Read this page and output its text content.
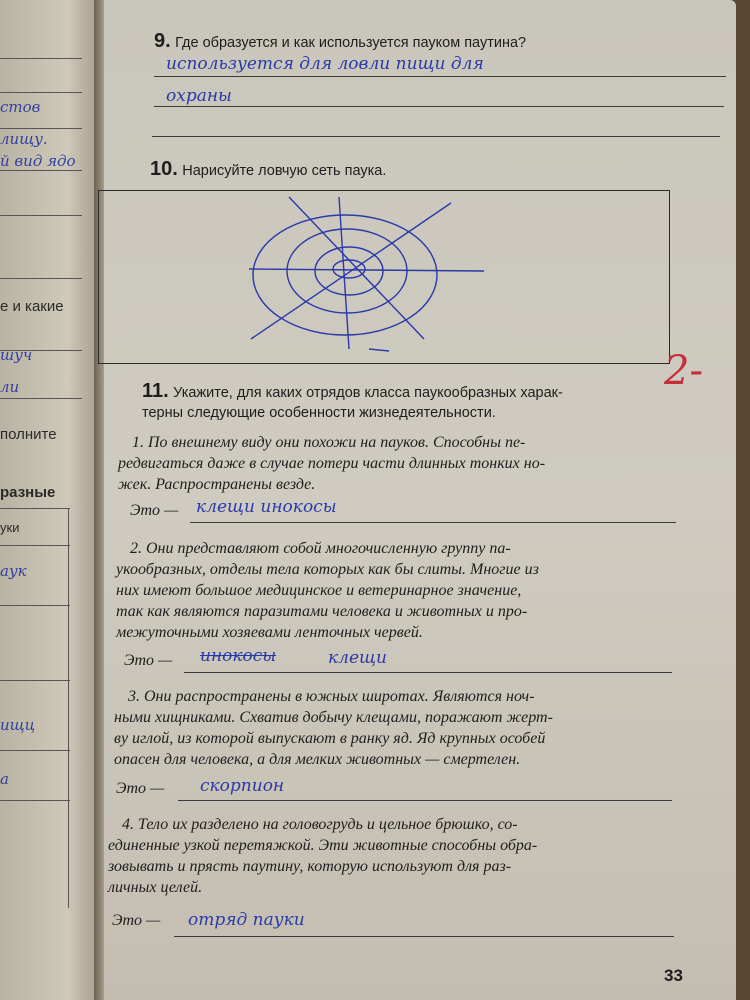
стов
лищу.
й вид ядо
е и какие
шуч
ли
полните
разные
уки
аук
ищц
а
9. Где образуется и как используется пауком паутина?
используется для ловли пищи для
охраны
10. Нарисуйте ловчую сеть паука.
11. Укажите, для каких отрядов класса паукообразных харак-
терны следующие особенности жизнедеятельности.
2-
1. По внешнему виду они похожи на пауков. Способны пе-
редвигаться даже в случае потери части длинных тонких но-
жек. Распространены везде.
Это — клещи инокосы
2. Они представляют собой многочисленную группу па-
укообразных, отделы тела которых как бы слиты. Многие из
них имеют большое медицинское и ветеринарное значение,
так как являются паразитами человека и животных и про-
межуточными хозяевами ленточных червей.
Это — инокосы	клещи
3. Они распространены в южных широтах. Являются ноч-
ными хищниками. Схватив добычу клещами, поражают жерт-
ву иглой, из которой выпускают в ранку яд. Яд крупных особей
опасен для человека, а для мелких животных — смертелен.
Это — скорпион
4. Тело их разделено на головогрудь и цельное брюшко, со-
единенные узкой перетяжкой. Эти животные способны обра-
зовывать и прясть паутину, которую используют для раз-
личных целей.
Это — отряд пауки
33
